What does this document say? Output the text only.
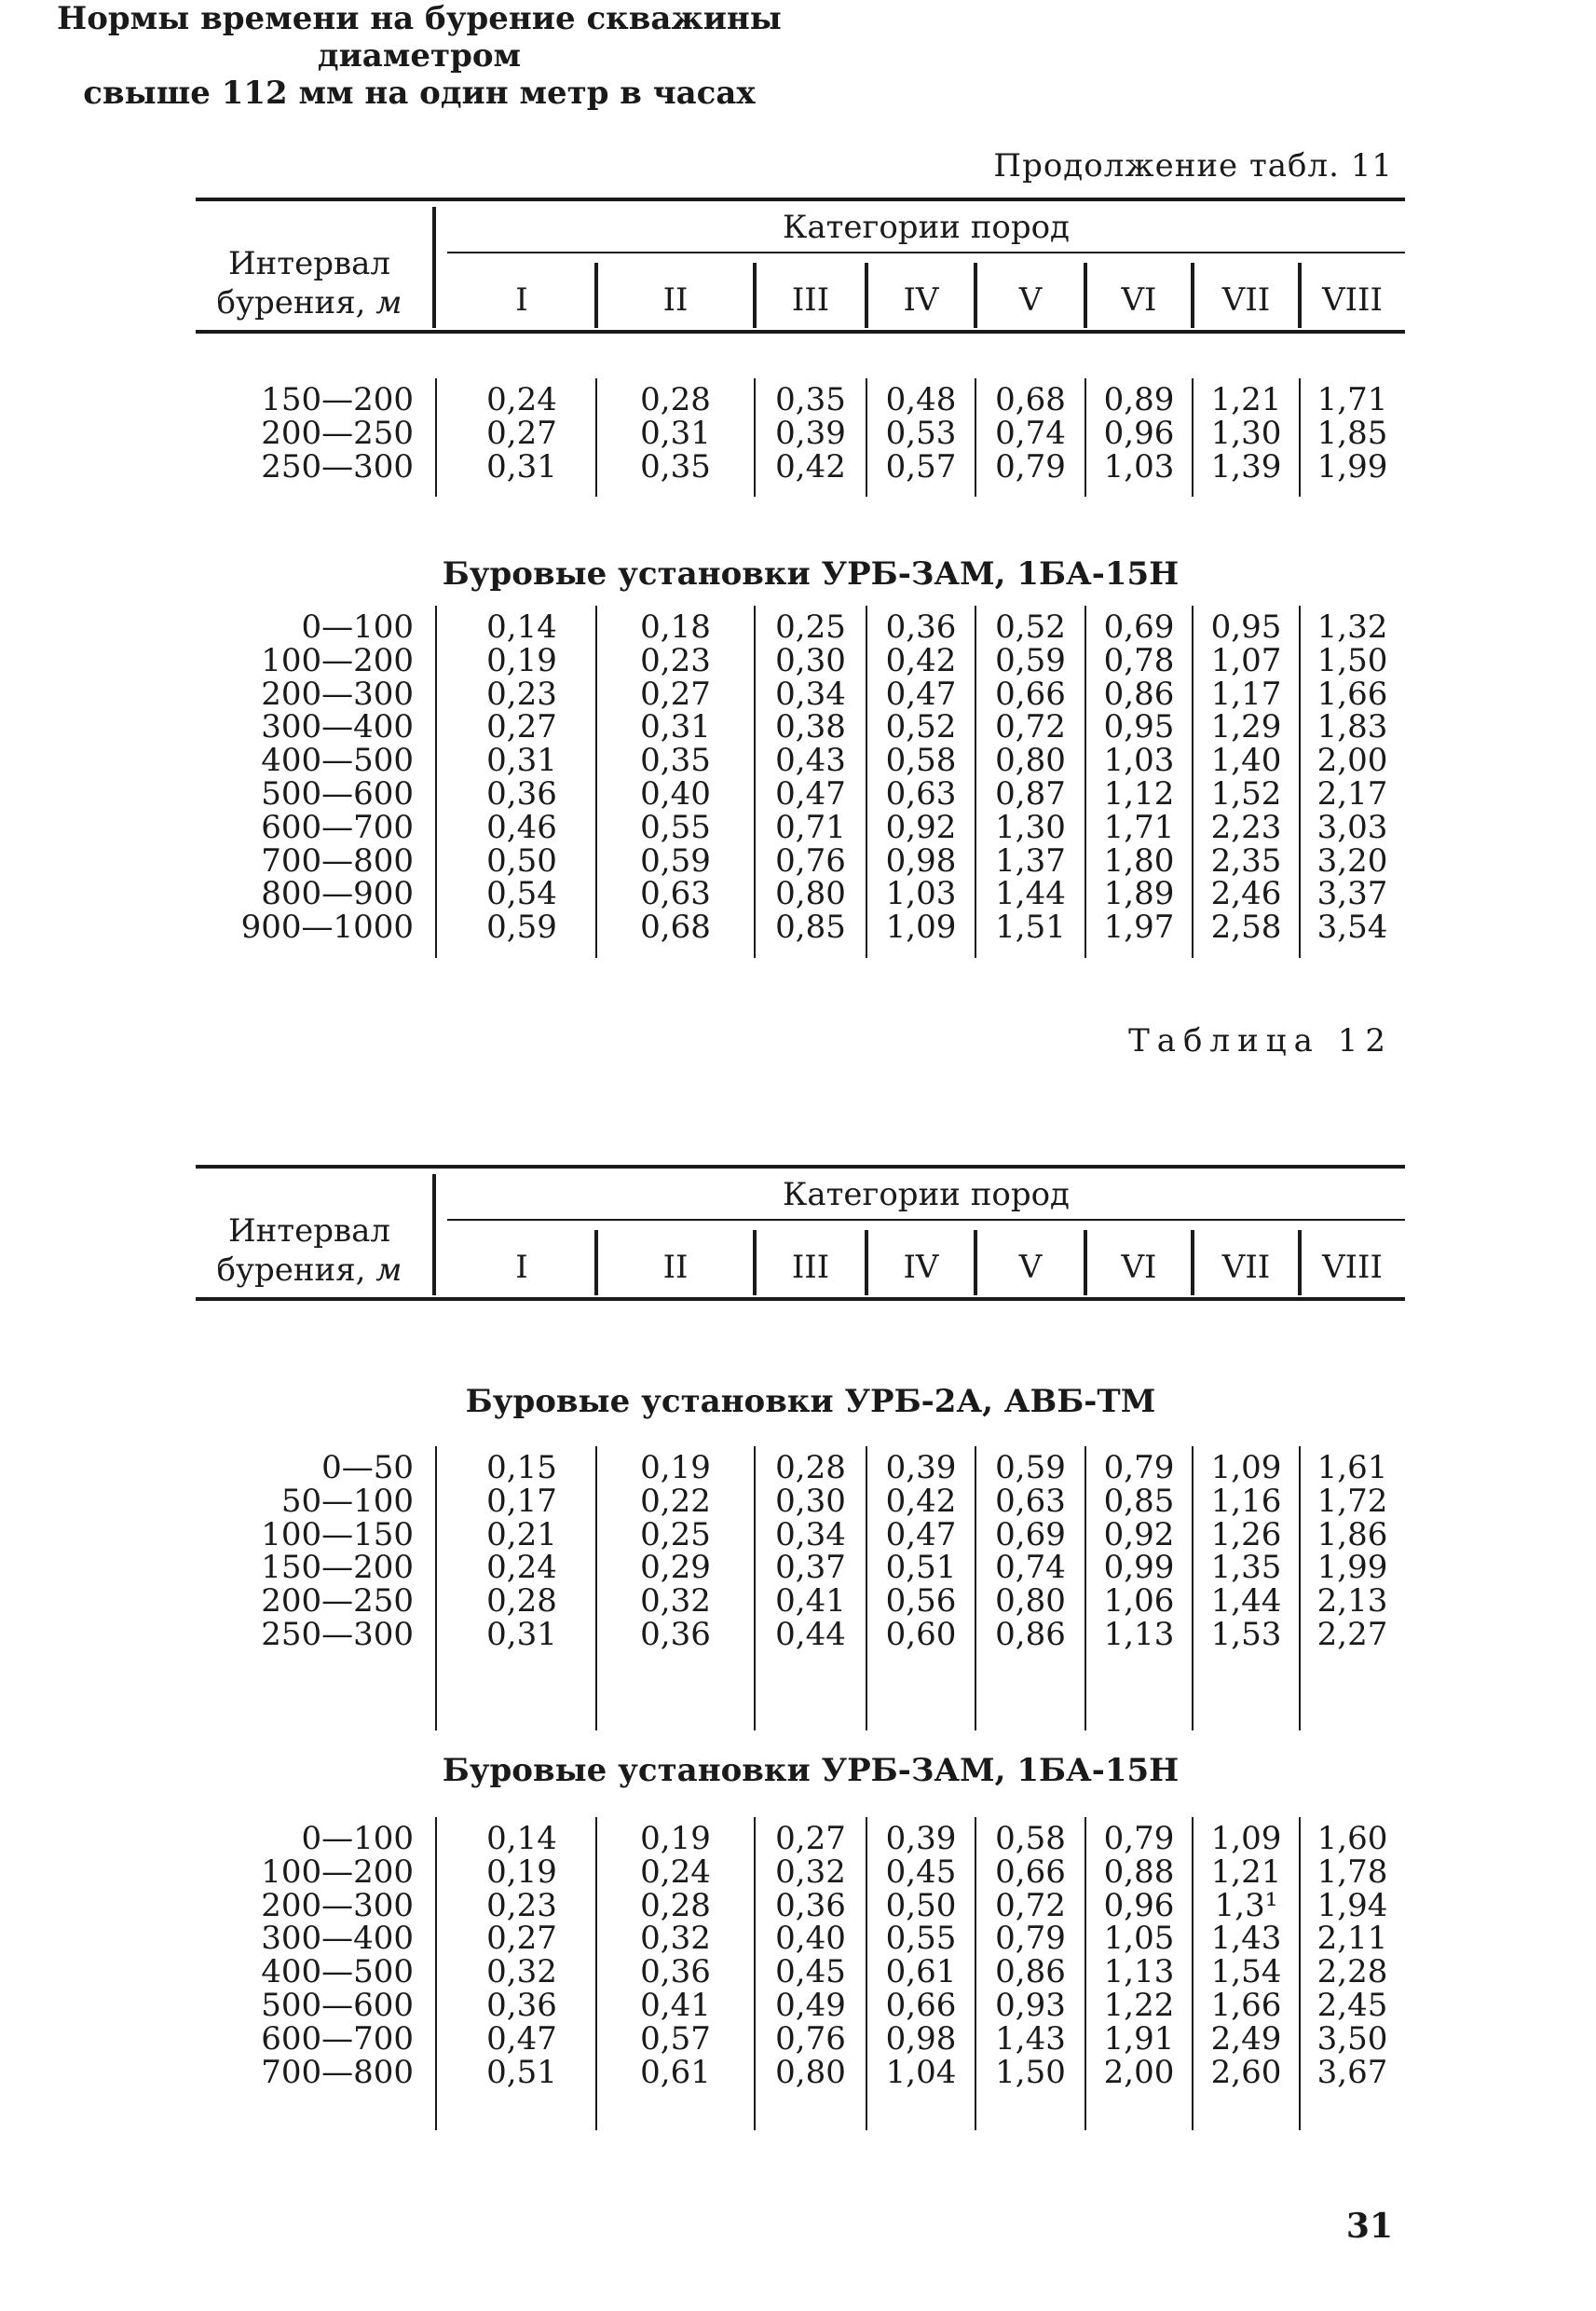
Продолжение табл. 11
Таблица 12
Нормы времени на бурение скважины диаметром
свыше 112 мм на один метр в часах
31
Интервал
бурения, м
Категории пород
I	II	III	IV	V	VI	VII	VIII
150—200	0,24	0,28	0,35	0,48	0,68	0,89	1,21	1,71
200—250	0,27	0,31	0,39	0,53	0,74	0,96	1,30	1,85
250—300	0,31	0,35	0,42	0,57	0,79	1,03	1,39	1,99
Буровые установки УРБ-ЗАМ, 1БА-15Н
0—100	0,14	0,18	0,25	0,36	0,52	0,69	0,95	1,32
100—200	0,19	0,23	0,30	0,42	0,59	0,78	1,07	1,50
200—300	0,23	0,27	0,34	0,47	0,66	0,86	1,17	1,66
300—400	0,27	0,31	0,38	0,52	0,72	0,95	1,29	1,83
400—500	0,31	0,35	0,43	0,58	0,80	1,03	1,40	2,00
500—600	0,36	0,40	0,47	0,63	0,87	1,12	1,52	2,17
600—700	0,46	0,55	0,71	0,92	1,30	1,71	2,23	3,03
700—800	0,50	0,59	0,76	0,98	1,37	1,80	2,35	3,20
800—900	0,54	0,63	0,80	1,03	1,44	1,89	2,46	3,37
900—1000	0,59	0,68	0,85	1,09	1,51	1,97	2,58	3,54
Интервал
бурения, м
Категории пород
I	II	III	IV	V	VI	VII	VIII
Буровые установки УРБ-2А, АВБ-ТМ
0—50	0,15	0,19	0,28	0,39	0,59	0,79	1,09	1,61
50—100	0,17	0,22	0,30	0,42	0,63	0,85	1,16	1,72
100—150	0,21	0,25	0,34	0,47	0,69	0,92	1,26	1,86
150—200	0,24	0,29	0,37	0,51	0,74	0,99	1,35	1,99
200—250	0,28	0,32	0,41	0,56	0,80	1,06	1,44	2,13
250—300	0,31	0,36	0,44	0,60	0,86	1,13	1,53	2,27
Буровые установки УРБ-ЗАМ, 1БА-15Н
0—100	0,14	0,19	0,27	0,39	0,58	0,79	1,09	1,60
100—200	0,19	0,24	0,32	0,45	0,66	0,88	1,21	1,78
200—300	0,23	0,28	0,36	0,50	0,72	0,96	1,3¹	1,94
300—400	0,27	0,32	0,40	0,55	0,79	1,05	1,43	2,11
400—500	0,32	0,36	0,45	0,61	0,86	1,13	1,54	2,28
500—600	0,36	0,41	0,49	0,66	0,93	1,22	1,66	2,45
600—700	0,47	0,57	0,76	0,98	1,43	1,91	2,49	3,50
700—800	0,51	0,61	0,80	1,04	1,50	2,00	2,60	3,67
